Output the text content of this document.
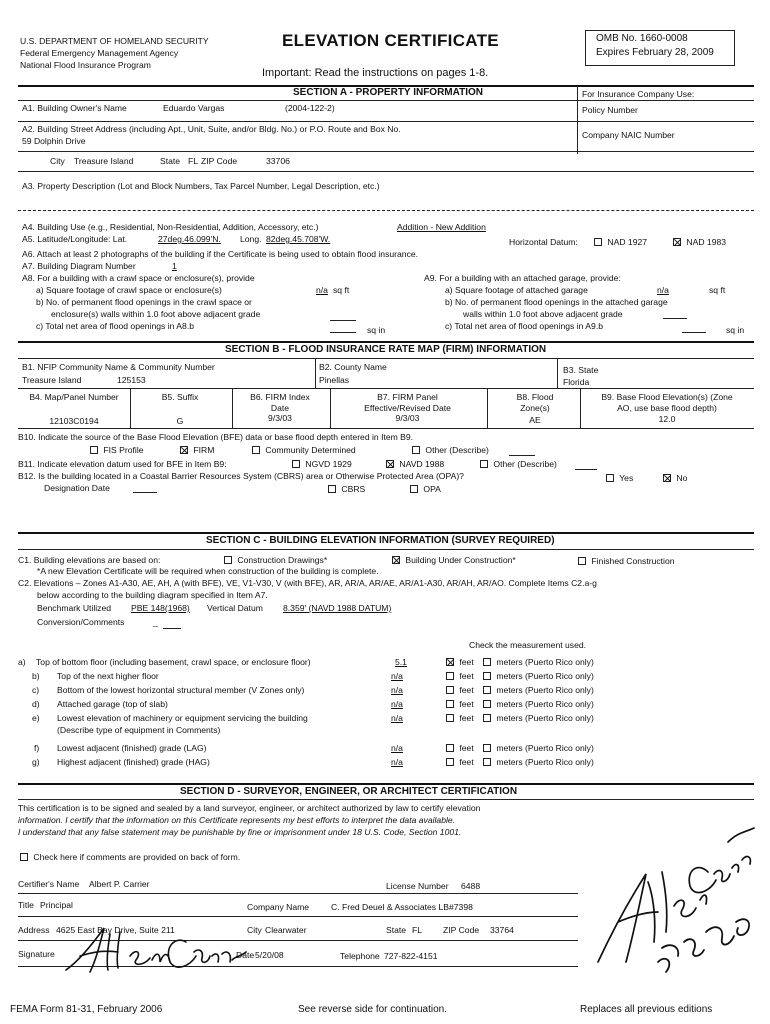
U.S. DEPARTMENT OF HOMELAND SECURITY
Federal Emergency Management Agency
National Flood Insurance Program
ELEVATION CERTIFICATE
Important: Read the instructions on pages 1-8.
OMB No. 1660-0008
Expires February 28, 2009
SECTION A - PROPERTY INFORMATION	For Insurance Company Use:
A1. Building Owner's Name	Eduardo Vargas	(2004-122-2)	Policy Number
A2. Building Street Address (including Apt., Unit, Suite, and/or Bldg. No.) or P.O. Route and Box No.
59 Dolphin Drive
Company NAIC Number
City Treasure Island	State FL ZIP Code	33706
A3. Property Description (Lot and Block Numbers, Tax Parcel Number, Legal Description, etc.)
A4. Building Use (e.g., Residential, Non-Residential, Addition, Accessory, etc.)	Addition - New Addition
A5. Latitude/Longitude: Lat.	27deg.46.099'N. Long. 82deg.45.708'W.	Horizontal Datum:	NAD 1927	NAD 1983
A6. Attach at least 2 photographs of the building if the Certificate is being used to obtain flood insurance.
A7. Building Diagram Number	1
A8. For a building with a crawl space or enclosure(s), provide
a) Square footage of crawl space or enclosure(s)	n/a sq ft
b) No. of permanent flood openings in the crawl space or
enclosure(s) walls within 1.0 foot above adjacent grade
c) Total net area of flood openings in A8.b	sq in
A9. For a building with an attached garage, provide:
a) Square footage of attached garage	n/a	sq ft
b) No. of permanent flood openings in the attached garage
walls within 1.0 foot above adjacent grade
c) Total net area of flood openings in A9.b	sq in
SECTION B - FLOOD INSURANCE RATE MAP (FIRM) INFORMATION
B1. NFIP Community Name & Community Number
Treasure Island	125153
B2. County Name
Pinellas
B3. State
Florida
B4. Map/Panel Number
12103C0194
B5. Suffix
G
B6. FIRM Index
Date
9/3/03
B7. FIRM Panel
Effective/Revised Date
9/3/03
B8. Flood
Zone(s)
AE
B9. Base Flood Elevation(s) (Zone
AO, use base flood depth)
12.0
B10. Indicate the source of the Base Flood Elevation (BFE) data or base flood depth entered in Item B9.
FIS Profile	FIRM	Community Determined	Other (Describe)
B11. Indicate elevation datum used for BFE in Item B9:	NGVD 1929	NAVD 1988	Other (Describe)
B12. Is the building located in a Coastal Barrier Resources System (CBRS) area or Otherwise Protected Area (OPA)?	Yes	No
Designation Date	CBRS	OPA
SECTION C - BUILDING ELEVATION INFORMATION (SURVEY REQUIRED)
C1. Building elevations are based on:	Construction Drawings*	Building Under Construction*	Finished Construction
*A new Elevation Certificate will be required when construction of the building is complete.
C2. Elevations – Zones A1-A30, AE, AH, A (with BFE), VE, V1-V30, V (with BFE), AR, AR/A, AR/AE, AR/A1-A30, AR/AH, AR/AO. Complete Items C2.a-g
below according to the building diagram specified in Item A7.
Benchmark Utilized PBE 148(1968) Vertical Datum 8.359' (NAVD 1988 DATUM)
Conversion/Comments	_
Check the measurement used.
a) Top of bottom floor (including basement, crawl space, or enclosure floor)	5.1	feet	meters (Puerto Rico only)
b) Top of the next higher floor	n/a	feet	meters (Puerto Rico only)
c) Bottom of the lowest horizontal structural member (V Zones only)	n/a	feet	meters (Puerto Rico only)
d) Attached garage (top of slab)	n/a	feet	meters (Puerto Rico only)
e) Lowest elevation of machinery or equipment servicing the building
(Describe type of equipment in Comments)
n/a	feet	meters (Puerto Rico only)
f) Lowest adjacent (finished) grade (LAG)	n/a	feet	meters (Puerto Rico only)
g) Highest adjacent (finished) grade (HAG)	n/a	feet	meters (Puerto Rico only)
SECTION D - SURVEYOR, ENGINEER, OR ARCHITECT CERTIFICATION
This certification is to be signed and sealed by a land surveyor, engineer, or architect authorized by law to certify elevation
information. I certify that the information on this Certificate represents my best efforts to interpret the data available.
I understand that any false statement may be punishable by fine or imprisonment under 18 U.S. Code, Section 1001.
Check here if comments are provided on back of form.
Certifier's Name Albert P. Carrier	License Number 6488
Title Principal	Company Name	C. Fred Deuel & Associates LB#7398
Address 4625 East Bay Drive, Suite 211	City Clearwater	State FL ZIP Code 33764
Signature	Date 5/20/08	Telephone 727-822-4151
FEMA Form 81-31, February 2006	See reverse side for continuation.	Replaces all previous editions
